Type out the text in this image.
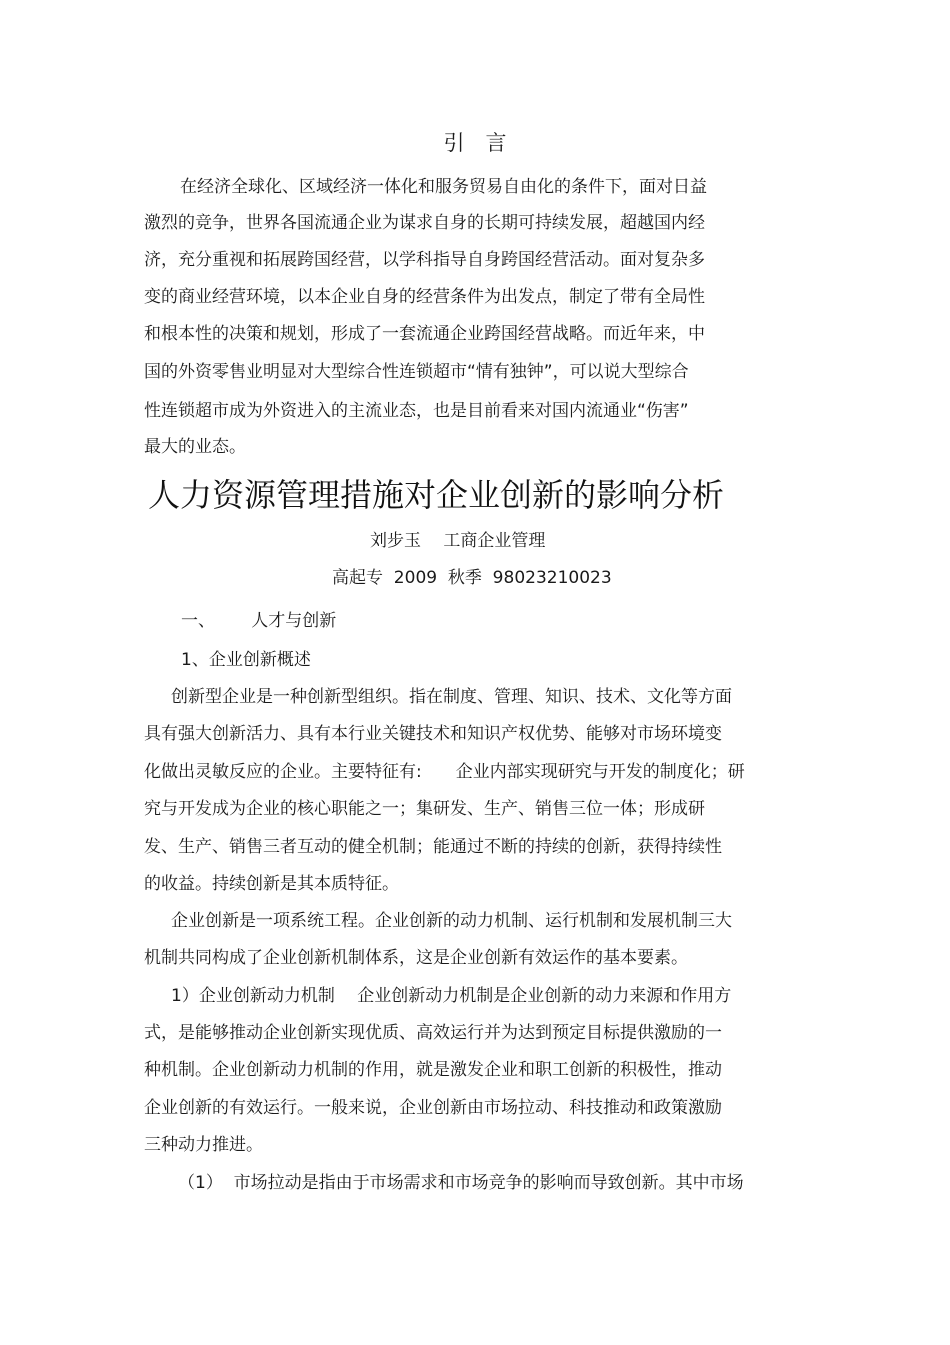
引　言
在经济全球化、区域经济一体化和服务贸易自由化的条件下，面对日益
激烈的竞争，世界各国流通企业为谋求自身的长期可持续发展，超越国内经
济，充分重视和拓展跨国经营，以学科指导自身跨国经营活动。面对复杂多
变的商业经营环境，以本企业自身的经营条件为出发点，制定了带有全局性
和根本性的决策和规划，形成了一套流通企业跨国经营战略。而近年来，中
国的外资零售业明显对大型综合性连锁超市“情有独钟”，可以说大型综合
性连锁超市成为外资进入的主流业态，也是目前看来对国内流通业“伤害”
最大的业态。
人力资源管理措施对企业创新的影响分析
刘步玉　 工商企业管理
高起专  2009  秋季  98023210023
一、　　  人才与创新
1、企业创新概述
创新型企业是一种创新型组织。指在制度、管理、知识、技术、文化等方面
具有强大创新活力、具有本行业关键技术和知识产权优势、能够对市场环境变
化做出灵敏反应的企业。主要特征有:　　企业内部实现研究与开发的制度化；研
究与开发成为企业的核心职能之一；集研发、生产、销售三位一体；形成研
发、生产、销售三者互动的健全机制；能通过不断的持续的创新，获得持续性
的收益。持续创新是其本质特征。
企业创新是一项系统工程。企业创新的动力机制、运行机制和发展机制三大
机制共同构成了企业创新机制体系，这是企业创新有效运作的基本要素。
1）企业创新动力机制　 企业创新动力机制是企业创新的动力来源和作用方
式，是能够推动企业创新实现优质、高效运行并为达到预定目标提供激励的一
种机制。企业创新动力机制的作用，就是激发企业和职工创新的积极性，推动
企业创新的有效运行。一般来说，企业创新由市场拉动、科技推动和政策激励
三种动力推进。
（1）  市场拉动是指由于市场需求和市场竞争的影响而导致创新。其中市场
